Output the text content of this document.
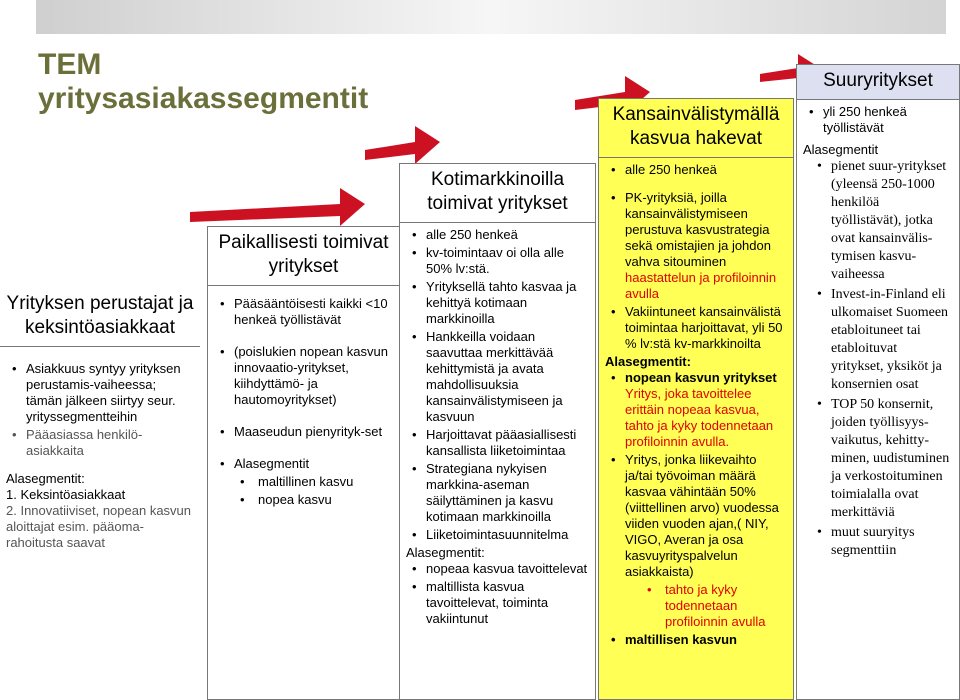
TEM yritysasiakassegmentit
Yrityksen perustajat ja keksintöasiakkaat
• Asiakkuus syntyy yrityksen perustamis-vaiheessa; tämän jälkeen siirtyy seur. yrityssegmentteihin
• Pääasiassa henkilö-asiakkaita
Alasegmentit:
1. Keksintöasiakkaat
2. Innovatiiviset, nopean kasvun aloittajat esim. pääoma-rahoitusta saavat
Paikallisesti toimivat yritykset
• Pääsääntöisesti kaikki <10 henkeä työllistävät
• (poislukien nopean kasvun innovaatio-yritykset, kiihdyttämö- ja hautomoyritykset)
• Maaseudun pienyrityk-set
• Alasegmentit
• maltillinen kasvu
• nopea kasvu
Kotimarkkinoilla toimivat yritykset
• alle 250 henkeä
• kv-toimintaav oi olla alle 50% lv:stä.
• Yrityksellä tahto kasvaa ja kehittyä kotimaan markkinoilla
• Hankkeilla voidaan saavuttaa merkittävää kehittymistä ja avata mahdollisuuksia kansainvälistymiseen ja kasvuun
• Harjoittavat pääasiallisesti kansallista liiketoimintaa
• Strategiana nykyisen markkina-aseman säilyttäminen ja kasvu kotimaan markkinoilla
• Liiketoimintasuunnitelma
Alasegmentit:
• nopeaa kasvua tavoittelevat
• maltillista kasvua tavoittelevat, toiminta vakiintunut
Kansainvälistymällä kasvua hakevat
• alle 250 henkeä
• PK-yrityksiä, joilla kansainvälistymiseen perustuva kasvustrategia sekä omistajien ja johdon vahva sitouminen haastattelun ja profiloinnin avulla
• Vakiintuneet kansainvälistä toimintaa harjoittavat, yli 50 % lv:stä kv-markkinoilta
Alasegmentit:
• nopean kasvun yritykset
Yritys, joka tavoittelee erittäin nopeaa kasvua, tahto ja kyky todennetaan profiloinnin avulla.
• Yritys, jonka liikevaihto ja/tai työvoiman määrä kasvaa vähintään 50% (viittellinen arvo) vuodessa viiden vuoden ajan,( NIY, VIGO, Averan ja osa kasvuyrityspalvelun asiakkaista)
• tahto ja kyky todennetaan profiloinnin avulla
• maltillisen kasvun
Suuryritykset
• yli 250 henkeä työllistävät
Alasegmentit
• pienet suur-yritykset (yleensä 250-1000 henkilöä työllistävät), jotka ovat kansainvälis-tymisen kasvu-vaiheessa
• Invest-in-Finland eli ulkomaiset Suomeen etabloituneet tai etabloituvat yritykset, yksiköt ja konsernien osat
• TOP 50 konsernit, joiden työllisyys-vaikutus, kehitty-minen, uudistuminen ja verkostoituminen toimialalla ovat merkittäviä
• muut suuryitys segmenttiin
